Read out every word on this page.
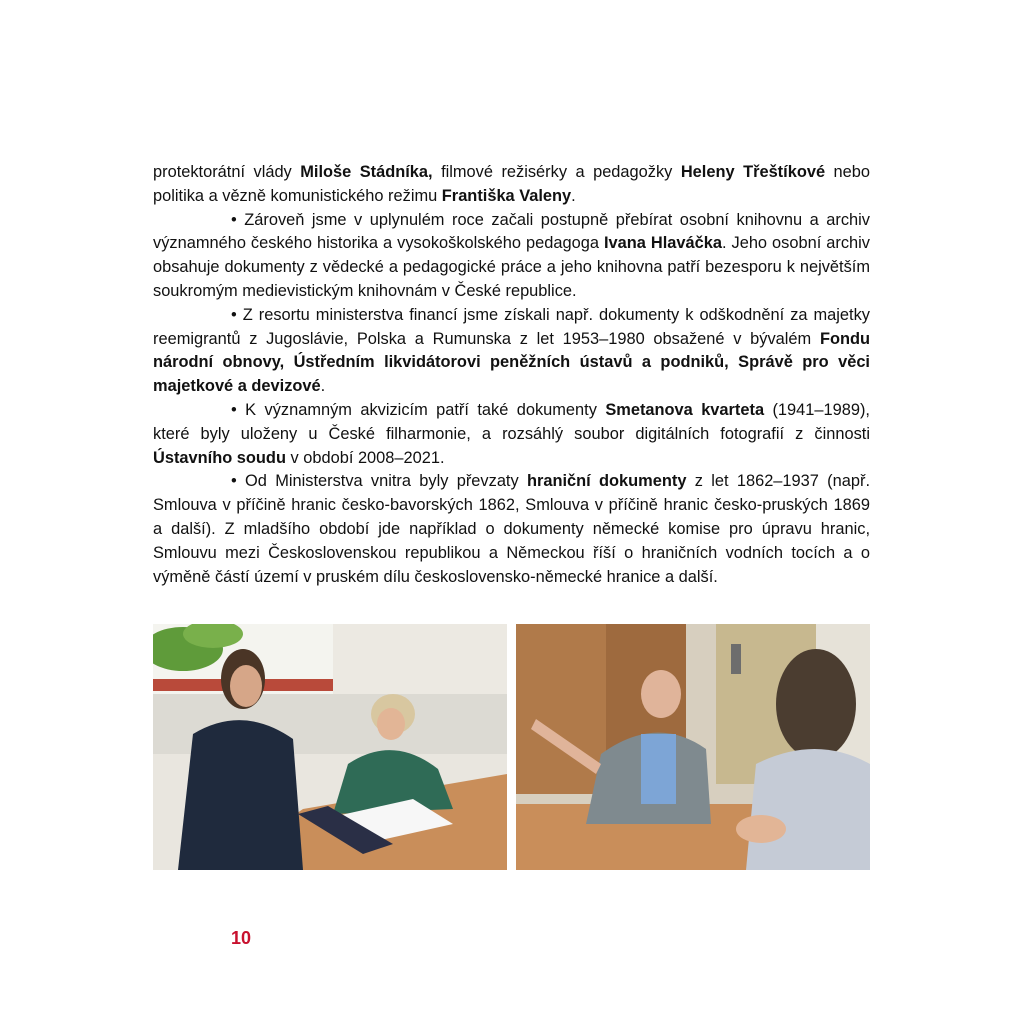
protektorátní vlády Miloše Stádníka, filmové režisérky a pedagožky Heleny Třeštíkové nebo politika a vězně komunistického režimu Františka Valeny.

• Zároveň jsme v uplynulém roce začali postupně přebírat osobní knihovnu a archiv významného českého historika a vysokoškolského pedagoga Ivana Hlaváčka. Jeho osobní archiv obsahuje dokumenty z vědecké a pedagogické práce a jeho knihovna patří bezesporu k největším soukromým medievistickým knihovnám v České republice.

• Z resortu ministerstva financí jsme získali např. dokumenty k odškodnění za majetky reemigrantů z Jugoslávie, Polska a Rumunska z let 1953–1980 obsažené v bývalém Fondu národní obnovy, Ústředním likvidátorovi peněžních ústavů a podniků, Správě pro věci majetkové a devizové.

• K významným akvizicím patří také dokumenty Smetanova kvarteta (1941–1989), které byly uloženy u České filharmonie, a rozsáhlý soubor digitálních fotografií z činnosti Ústavního soudu v období 2008–2021.

• Od Ministerstva vnitra byly převzaty hraniční dokumenty z let 1862–1937 (např. Smlouva v příčině hranic česko-bavorských 1862, Smlouva v příčině hranic česko-pruských 1869 a další). Z mladšího období jde například o dokumenty německé komise pro úpravu hranic, Smlouvu mezi Československou republikou a Německou říší o hraničních vodních tocích a o výměně částí území v pruském dílu československo-německé hranice a další.

10
